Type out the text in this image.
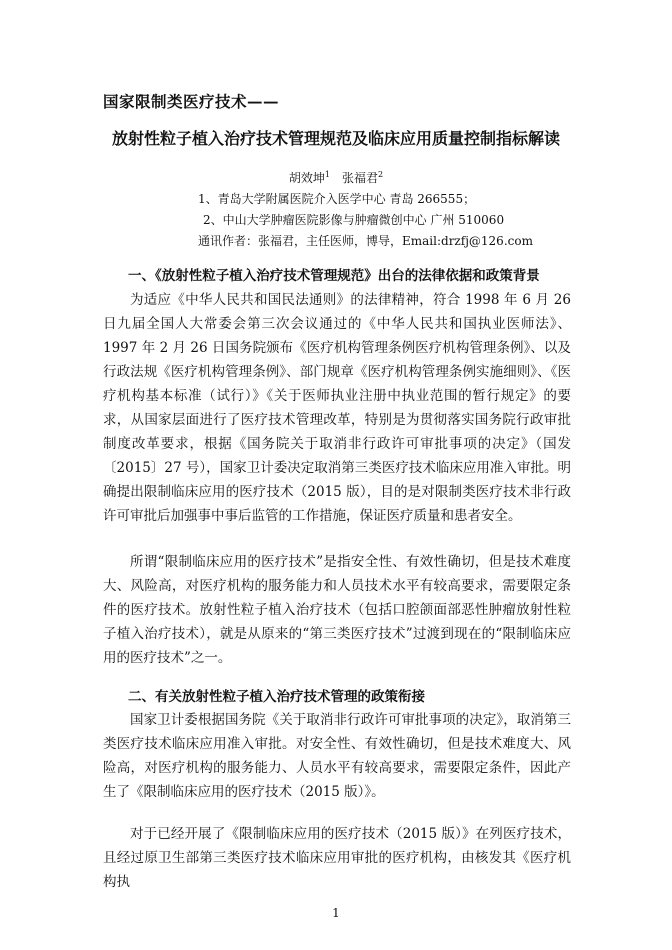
国家限制类医疗技术——
放射性粒子植入治疗技术管理规范及临床应用质量控制指标解读
胡效坤$^1$　张福君$^2$
1、青岛大学附属医院介入医学中心 青岛 266555；
2、中山大学肿瘤医院影像与肿瘤微创中心 广州 510060
通讯作者：张福君，主任医师，博导，Email:drzfj@126.com
一、《放射性粒子植入治疗技术管理规范》出台的法律依据和政策背景
为适应《中华人民共和国民法通则》的法律精神，符合 1998 年 6 月 26 日九届全国人大常委会第三次会议通过的《中华人民共和国执业医师法》、1997 年 2 月 26 日国务院颁布《医疗机构管理条例医疗机构管理条例》、以及行政法规《医疗机构管理条例》、部门规章《医疗机构管理条例实施细则》、《医疗机构基本标准（试行）》《关于医师执业注册中执业范围的暂行规定》的要求，从国家层面进行了医疗技术管理改革，特别是为贯彻落实国务院行政审批制度改革要求，根据《国务院关于取消非行政许可审批事项的决定》（国发〔2015〕27 号），国家卫计委决定取消第三类医疗技术临床应用准入审批。明确提出限制临床应用的医疗技术（2015 版），目的是对限制类医疗技术非行政许可审批后加强事中事后监管的工作措施，保证医疗质量和患者安全。
所谓“限制临床应用的医疗技术”是指安全性、有效性确切，但是技术难度大、风险高，对医疗机构的服务能力和人员技术水平有较高要求，需要限定条件的医疗技术。放射性粒子植入治疗技术（包括口腔颌面部恶性肿瘤放射性粒子植入治疗技术），就是从原来的“第三类医疗技术”过渡到现在的“限制临床应用的医疗技术”之一。
二、有关放射性粒子植入治疗技术管理的政策衔接
国家卫计委根据国务院《关于取消非行政许可审批事项的决定》，取消第三类医疗技术临床应用准入审批。对安全性、有效性确切，但是技术难度大、风险高，对医疗机构的服务能力、人员水平有较高要求，需要限定条件，因此产生了《限制临床应用的医疗技术（2015 版）》。
对于已经开展了《限制临床应用的医疗技术（2015 版）》在列医疗技术，且经过原卫生部第三类医疗技术临床应用审批的医疗机构，由核发其《医疗机构执
1
